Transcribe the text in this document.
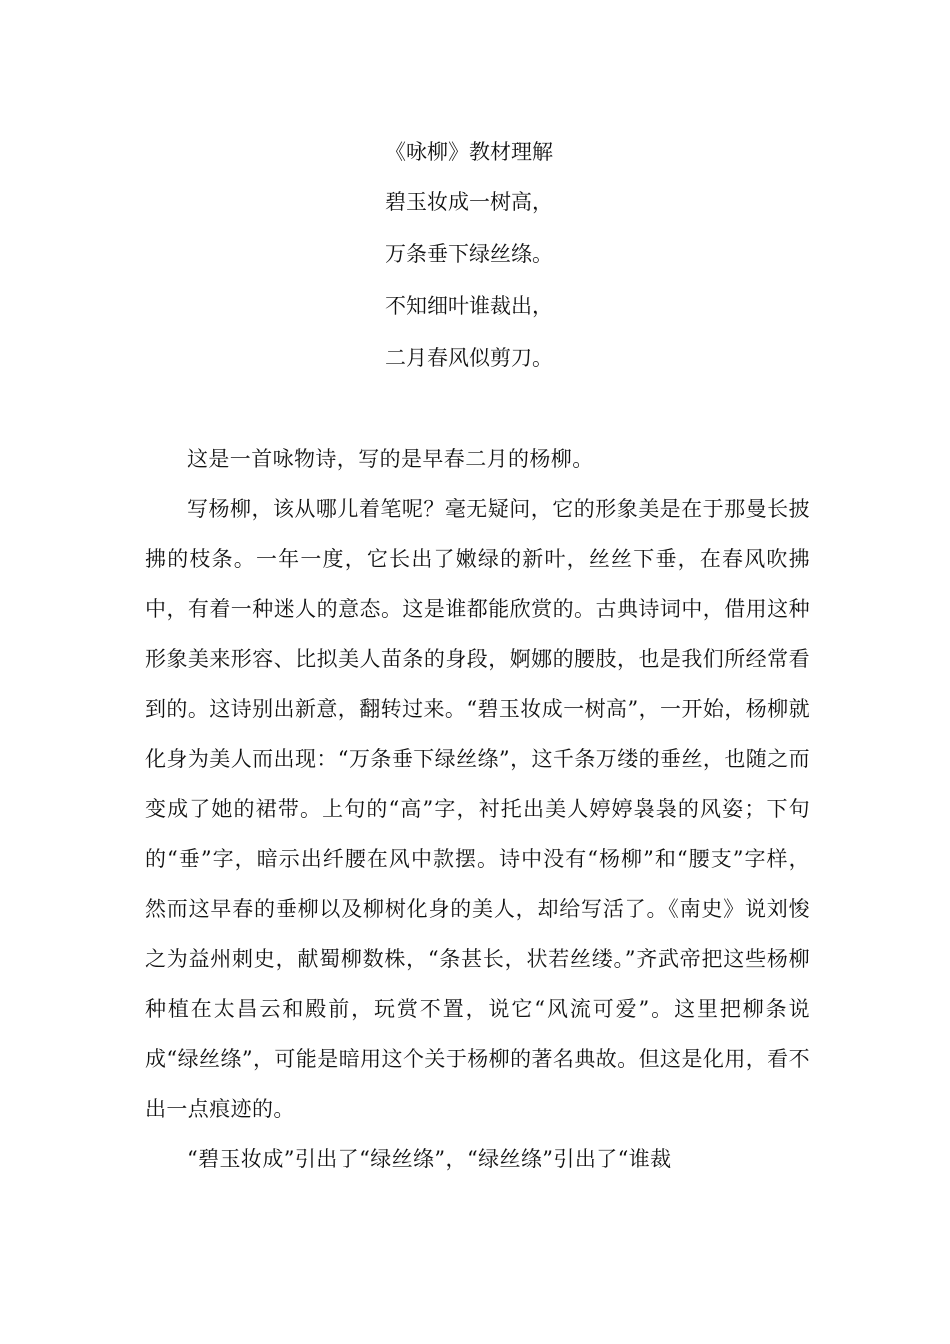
《咏柳》教材理解
碧玉妆成一树高，
万条垂下绿丝绦。
不知细叶谁裁出，
二月春风似剪刀。

这是一首咏物诗，写的是早春二月的杨柳。

写杨柳，该从哪儿着笔呢？毫无疑问，它的形象美是在于那曼长披拂的枝条。一年一度，它长出了嫩绿的新叶，丝丝下垂，在春风吹拂中，有着一种迷人的意态。这是谁都能欣赏的。古典诗词中，借用这种形象美来形容、比拟美人苗条的身段，婀娜的腰肢，也是我们所经常看到的。这诗别出新意，翻转过来。“碧玉妆成一树高”，一开始，杨柳就化身为美人而出现：“万条垂下绿丝绦”，这千条万缕的垂丝，也随之而变成了她的裙带。上句的“高”字，衬托出美人婷婷袅袅的风姿；下句的“垂”字，暗示出纤腰在风中款摆。诗中没有“杨柳”和“腰支”字样，然而这早春的垂柳以及柳树化身的美人，却给写活了。《南史》说刘悛之为益州刺史，献蜀柳数株，“条甚长，状若丝缕。”齐武帝把这些杨柳种植在太昌云和殿前，玩赏不置，说它“风流可爱”。这里把柳条说成“绿丝绦”，可能是暗用这个关于杨柳的著名典故。但这是化用，看不出一点痕迹的。

“碧玉妆成”引出了“绿丝绦”，“绿丝绦”引出了“谁裁
